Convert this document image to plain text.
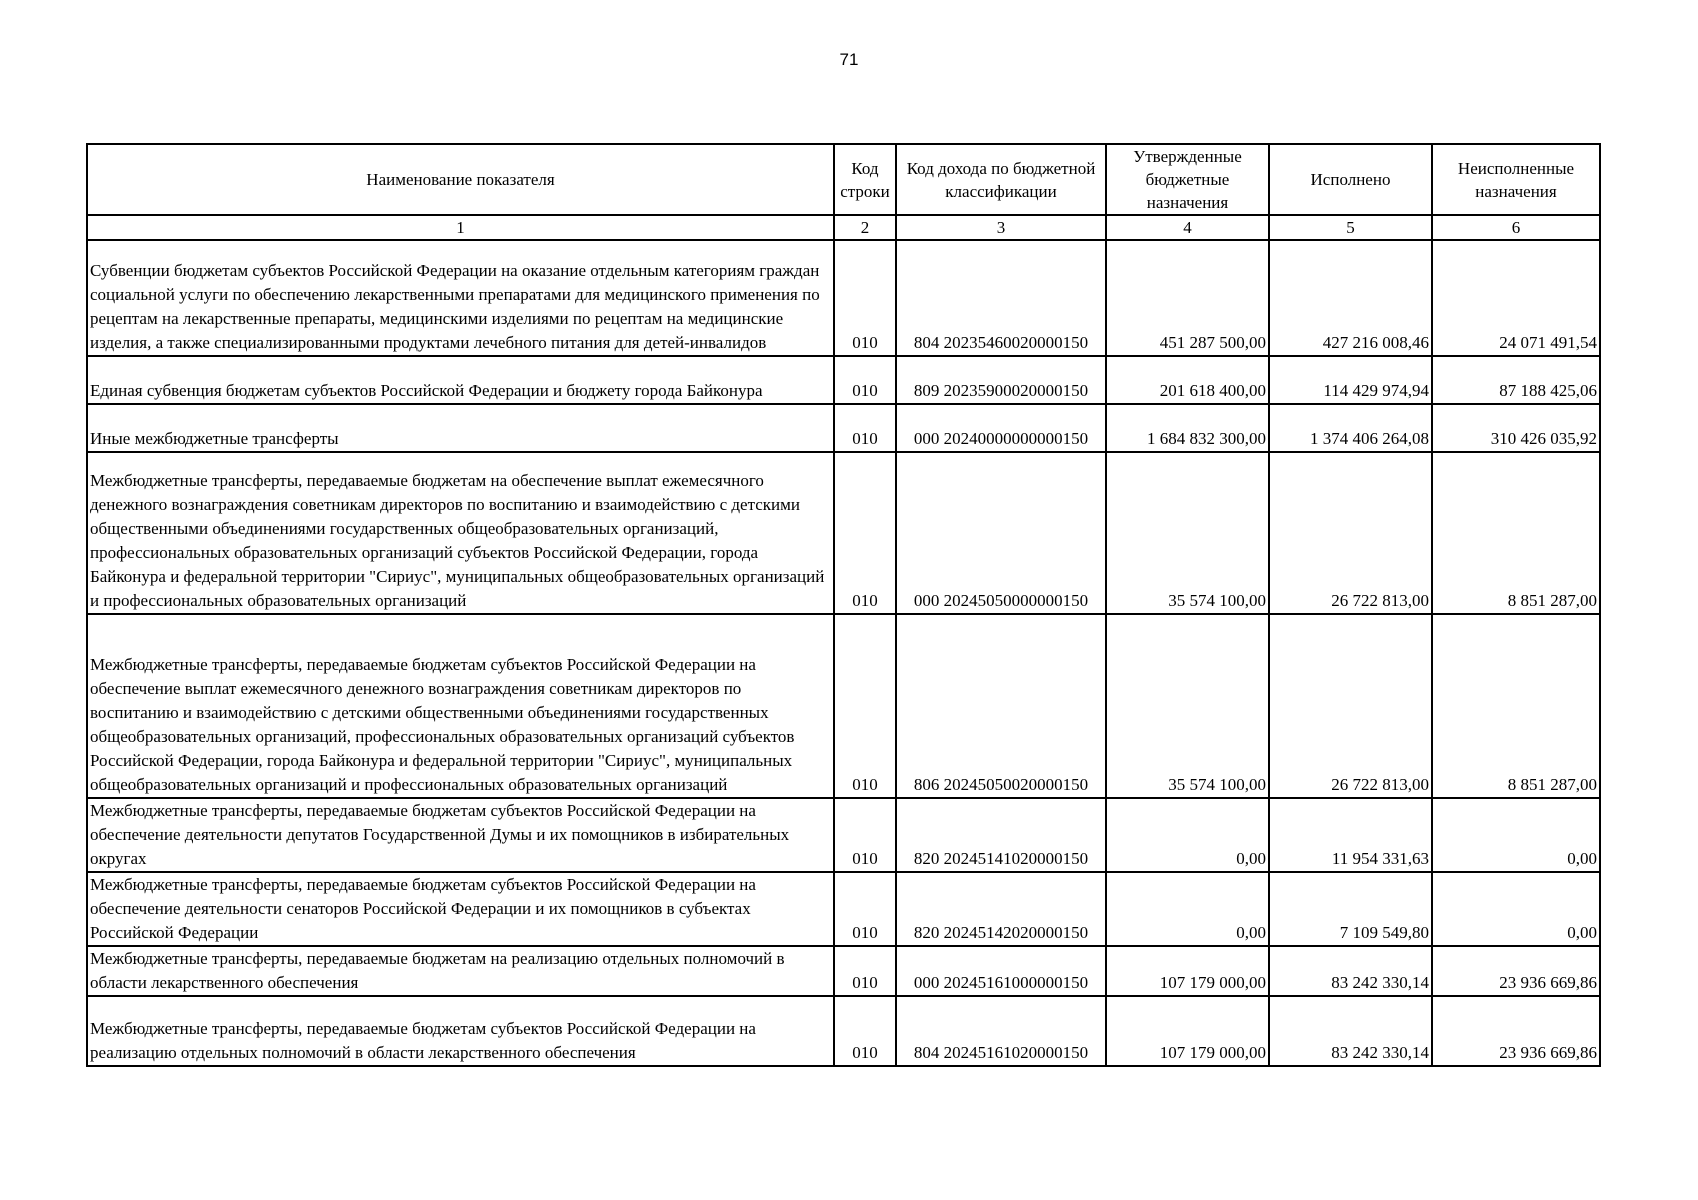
71
Наименование показателя	Код строки	Код дохода по бюджетной классификации	Утвержденные бюджетные назначения	Исполнено	Неисполненные назначения
1	2	3	4	5	6
Субвенции бюджетам субъектов Российской Федерации на оказание отдельным категориям граждан социальной услуги по обеспечению лекарственными препаратами для медицинского применения по рецептам на лекарственные препараты, медицинскими изделиями по рецептам на медицинские изделия, а также специализированными продуктами лечебного питания для детей-инвалидов	010	804 20235460020000150	451 287 500,00	427 216 008,46	24 071 491,54
Единая субвенция бюджетам субъектов Российской Федерации и бюджету города Байконура	010	809 20235900020000150	201 618 400,00	114 429 974,94	87 188 425,06
Иные межбюджетные трансферты	010	000 20240000000000150	1 684 832 300,00	1 374 406 264,08	310 426 035,92
Межбюджетные трансферты, передаваемые бюджетам на обеспечение выплат ежемесячного денежного вознаграждения советникам директоров по воспитанию и взаимодействию с детскими общественными объединениями государственных общеобразовательных организаций, профессиональных образовательных организаций субъектов Российской Федерации, города Байконура и федеральной территории "Сириус", муниципальных общеобразовательных организаций и профессиональных образовательных организаций	010	000 20245050000000150	35 574 100,00	26 722 813,00	8 851 287,00
Межбюджетные трансферты, передаваемые бюджетам субъектов Российской Федерации на обеспечение выплат ежемесячного денежного вознаграждения советникам директоров по воспитанию и взаимодействию с детскими общественными объединениями государственных общеобразовательных организаций, профессиональных образовательных организаций субъектов Российской Федерации, города Байконура и федеральной территории "Сириус", муниципальных общеобразовательных организаций и профессиональных образовательных организаций	010	806 20245050020000150	35 574 100,00	26 722 813,00	8 851 287,00
Межбюджетные трансферты, передаваемые бюджетам субъектов Российской Федерации на обеспечение деятельности депутатов Государственной Думы и их помощников в избирательных округах	010	820 20245141020000150	0,00	11 954 331,63	0,00
Межбюджетные трансферты, передаваемые бюджетам субъектов Российской Федерации на обеспечение деятельности сенаторов Российской Федерации и их помощников в субъектах Российской Федерации	010	820 20245142020000150	0,00	7 109 549,80	0,00
Межбюджетные трансферты, передаваемые бюджетам на реализацию отдельных полномочий в области лекарственного обеспечения	010	000 20245161000000150	107 179 000,00	83 242 330,14	23 936 669,86
Межбюджетные трансферты, передаваемые бюджетам субъектов Российской Федерации на реализацию отдельных полномочий в области лекарственного обеспечения	010	804 20245161020000150	107 179 000,00	83 242 330,14	23 936 669,86
